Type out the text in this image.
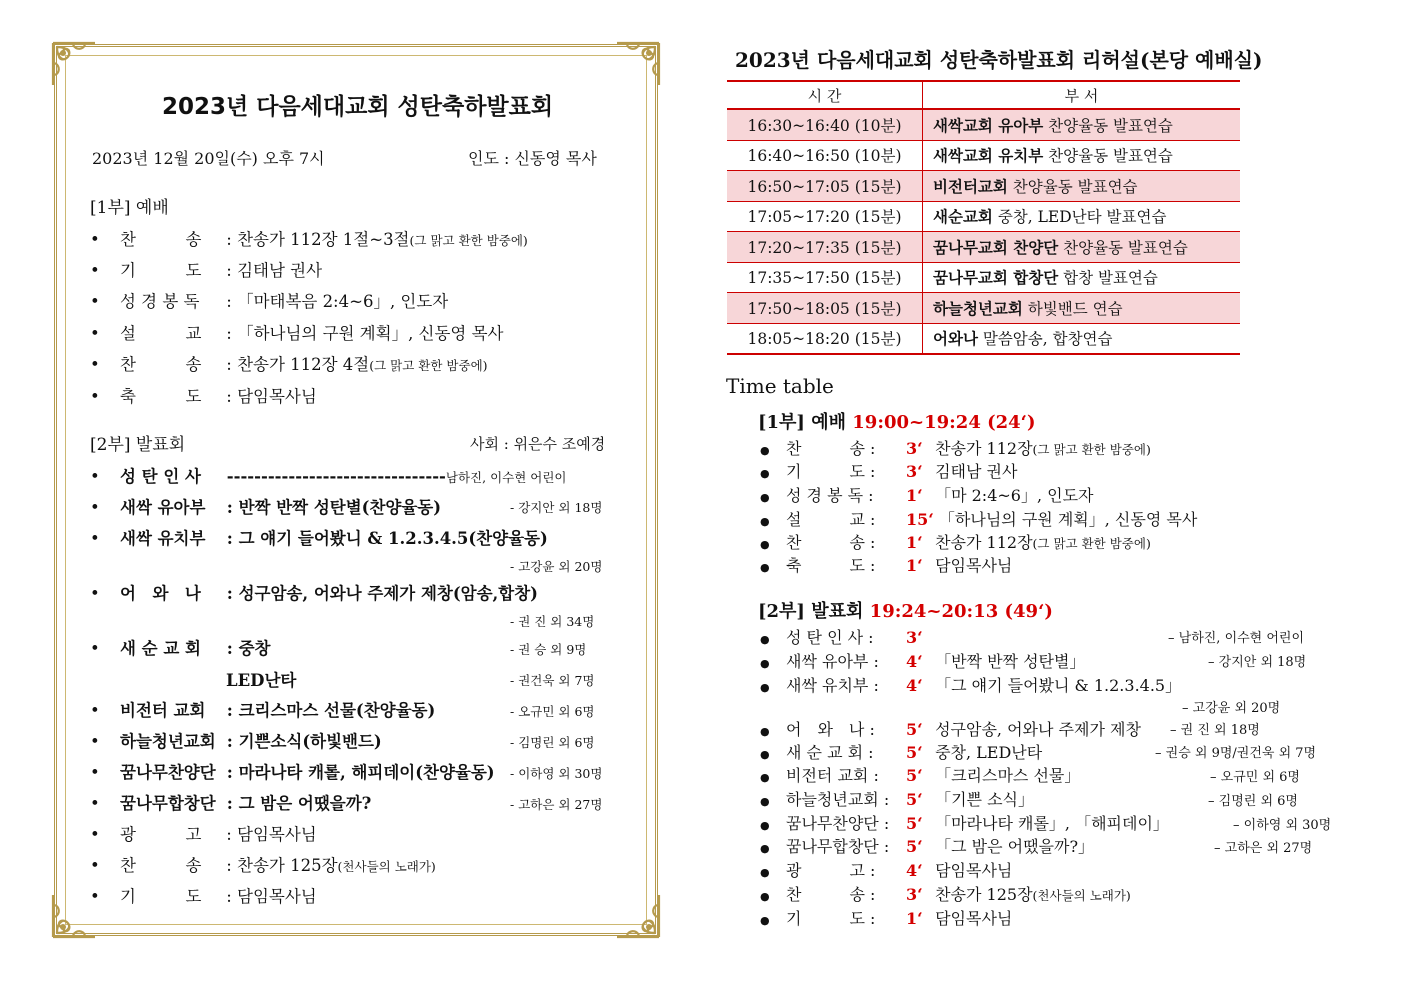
2023년 다음세대교회 성탄축하발표회
2023년 12월 20일(수) 오후 7시	인도 : 신동영 목사
[1부] 예배
• 찬　　　송 : 찬송가 112장 1절~3절(그 맑고 환한 밤중에)
• 기　　　도 : 김태남 권사
• 성 경 봉 독 : 「마태복음 2:4~6」, 인도자
• 설　　　교 : 「하나님의 구원 계획」, 신동영 목사
• 찬　　　송 : 찬송가 112장 4절(그 맑고 환한 밤중에)
• 축　　　도 : 담임목사님
[2부] 발표회	사회 : 위은수 조예경
• 성 탄 인 사 --------------------------------남하진, 이수현 어린이
• 새싹 유아부 : 반짝 반짝 성탄별(찬양율동)	- 강지안 외 18명
• 새싹 유치부 : 그 얘기 들어봤니 & 1.2.3.4.5(찬양율동)
- 고강윤 외 20명
• 어　와　나 : 성구암송, 어와나 주제가 제창(암송,합창)
- 권 진 외 34명
• 새 순 교 회 : 중창	- 권 승 외 9명
LED난타	- 권건욱 외 7명
• 비전터 교회 : 크리스마스 선물(찬양율동)	- 오규민 외 6명
• 하늘청년교회 : 기쁜소식(하빛밴드)	- 김명린 외 6명
• 꿈나무찬양단 : 마라나타 캐롤, 해피데이(찬양율동) - 이하영 외 30명
• 꿈나무합창단 : 그 밤은 어땠을까?	- 고하은 외 27명
• 광　　　고 : 담임목사님
• 찬　　　송 : 찬송가 125장(천사들의 노래가)
• 기　　　도 : 담임목사님
2023년 다음세대교회 성탄축하발표회 리허설(본당 예배실)
시 간	부 서
16:30~16:40 (10분)	새싹교회 유아부 찬양율동 발표연습
16:40~16:50 (10분)	새싹교회 유치부 찬양율동 발표연습
16:50~17:05 (15분)	비전터교회 찬양율동 발표연습
17:05~17:20 (15분)	새순교회 중창, LED난타 발표연습
17:20~17:35 (15분)	꿈나무교회 찬양단 찬양율동 발표연습
17:35~17:50 (15분)	꿈나무교회 합창단 합창 발표연습
17:50~18:05 (15분)	하늘청년교회 하빛밴드 연습
18:05~18:20 (15분)	어와나 말씀암송, 합창연습
Time table
[1부] 예배 19:00~19:24 (24‘)
● 찬　　　송 : 3‘ 찬송가 112장(그 맑고 환한 밤중에)
● 기　　　도 : 3‘ 김태남 권사
● 성 경 봉 독 : 1‘ 「마 2:4~6」, 인도자
● 설　　　교 : 15‘ 「하나님의 구원 계획」, 신동영 목사
● 찬　　　송 : 1‘ 찬송가 112장(그 맑고 환한 밤중에)
● 축　　　도 : 1‘ 담임목사님
[2부] 발표회 19:24~20:13 (49‘)
● 성 탄 인 사 : 3‘	– 남하진, 이수현 어린이
● 새싹 유아부 : 4‘ 「반짝 반짝 성탄별」	– 강지안 외 18명
● 새싹 유치부 : 4‘ 「그 얘기 들어봤니 & 1.2.3.4.5」
– 고강윤 외 20명
● 어　와　나 : 5‘ 성구암송, 어와나 주제가 제창 – 권 진 외 18명
● 새 순 교 회 : 5‘ 중창, LED난타	– 권승 외 9명/권건욱 외 7명
● 비전터 교회 : 5‘ 「크리스마스 선물」	– 오규민 외 6명
● 하늘청년교회 : 5‘ 「기쁜 소식」	– 김명린 외 6명
● 꿈나무찬양단 : 5‘ 「마라나타 캐롤」, 「해피데이」	– 이하영 외 30명
● 꿈나무합창단 : 5‘ 「그 밤은 어땠을까?」	– 고하은 외 27명
● 광　　　고 : 4‘ 담임목사님
● 찬　　　송 : 3‘ 찬송가 125장(천사들의 노래가)
● 기　　　도 : 1‘ 담임목사님
